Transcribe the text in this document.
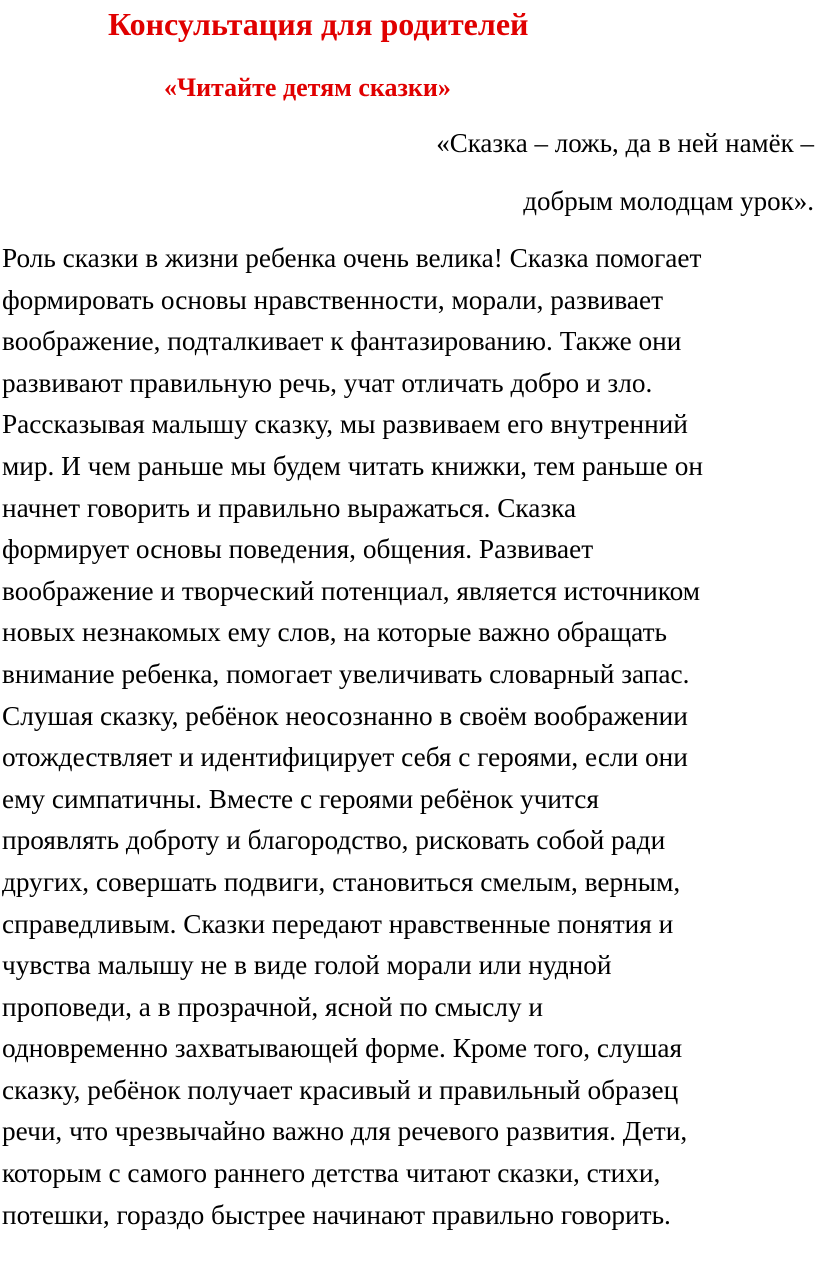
Консультация для родителей
«Читайте детям сказки»
«Сказка – ложь, да в ней намёк –
добрым молодцам урок».
Роль сказки в жизни ребенка очень велика! Сказка помогает
формировать основы нравственности, морали, развивает
воображение, подталкивает к фантазированию. Также они
развивают правильную речь, учат отличать добро и зло.
Рассказывая малышу сказку, мы развиваем его внутренний
мир. И чем раньше мы будем читать книжки, тем раньше он
начнет говорить и правильно выражаться. Сказка
формирует основы поведения, общения. Развивает
воображение и творческий потенциал, является источником
новых незнакомых ему слов, на которые важно обращать
внимание ребенка, помогает увеличивать словарный запас.
Слушая сказку, ребёнок неосознанно в своём воображении
отождествляет и идентифицирует себя с героями, если они
ему симпатичны. Вместе с героями ребёнок учится
проявлять доброту и благородство, рисковать собой ради
других, совершать подвиги, становиться смелым, верным,
справедливым. Сказки передают нравственные понятия и
чувства малышу не в виде голой морали или нудной
проповеди, а в прозрачной, ясной по смыслу и
одновременно захватывающей форме. Кроме того, слушая
сказку, ребёнок получает красивый и правильный образец
речи, что чрезвычайно важно для речевого развития. Дети,
которым с самого раннего детства читают сказки, стихи,
потешки, гораздо быстрее начинают правильно говорить.
